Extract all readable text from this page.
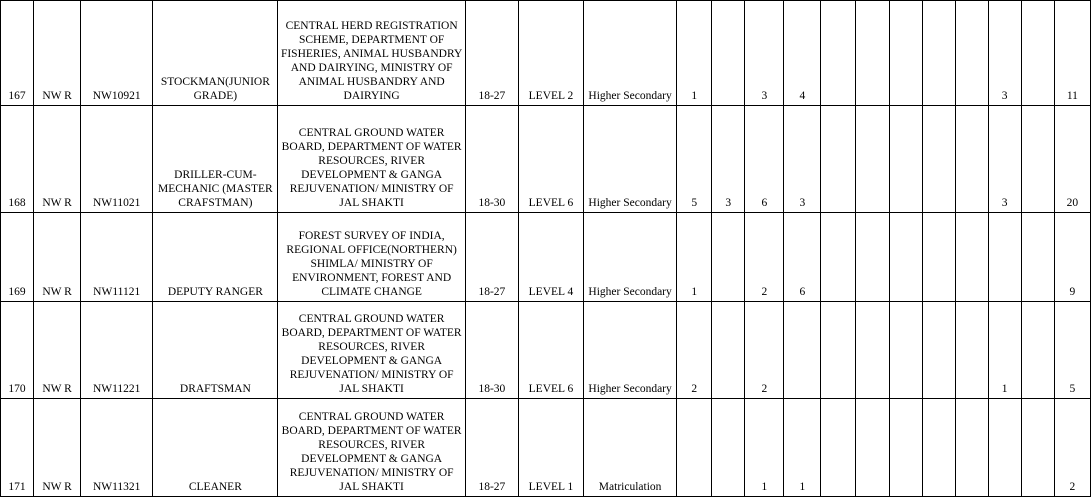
167	NW R	NW10921	STOCKMAN(JUNIOR GRADE)	CENTRAL HERD REGISTRATION SCHEME, DEPARTMENT OF FISHERIES, ANIMAL HUSBANDRY AND DAIRYING, MINISTRY OF ANIMAL HUSBANDRY AND DAIRYING	18-27	LEVEL 2	Higher Secondary	1		3	4						3		11
168	NW R	NW11021	DRILLER-CUM-MECHANIC (MASTER CRAFSTMAN)	CENTRAL GROUND WATER BOARD, DEPARTMENT OF WATER RESOURCES, RIVER DEVELOPMENT & GANGA REJUVENATION/ MINISTRY OF JAL SHAKTI	18-30	LEVEL 6	Higher Secondary	5	3	6	3						3		20
169	NW R	NW11121	DEPUTY RANGER	FOREST SURVEY OF INDIA, REGIONAL OFFICE(NORTHERN) SHIMLA/ MINISTRY OF ENVIRONMENT, FOREST AND CLIMATE CHANGE	18-27	LEVEL 4	Higher Secondary	1		2	6								9
170	NW R	NW11221	DRAFTSMAN	CENTRAL GROUND WATER BOARD, DEPARTMENT OF WATER RESOURCES, RIVER DEVELOPMENT & GANGA REJUVENATION/ MINISTRY OF JAL SHAKTI	18-30	LEVEL 6	Higher Secondary	2		2							1		5
171	NW R	NW11321	CLEANER	CENTRAL GROUND WATER BOARD, DEPARTMENT OF WATER RESOURCES, RIVER DEVELOPMENT & GANGA REJUVENATION/ MINISTRY OF JAL SHAKTI	18-27	LEVEL 1	Matriculation			1	1								2
